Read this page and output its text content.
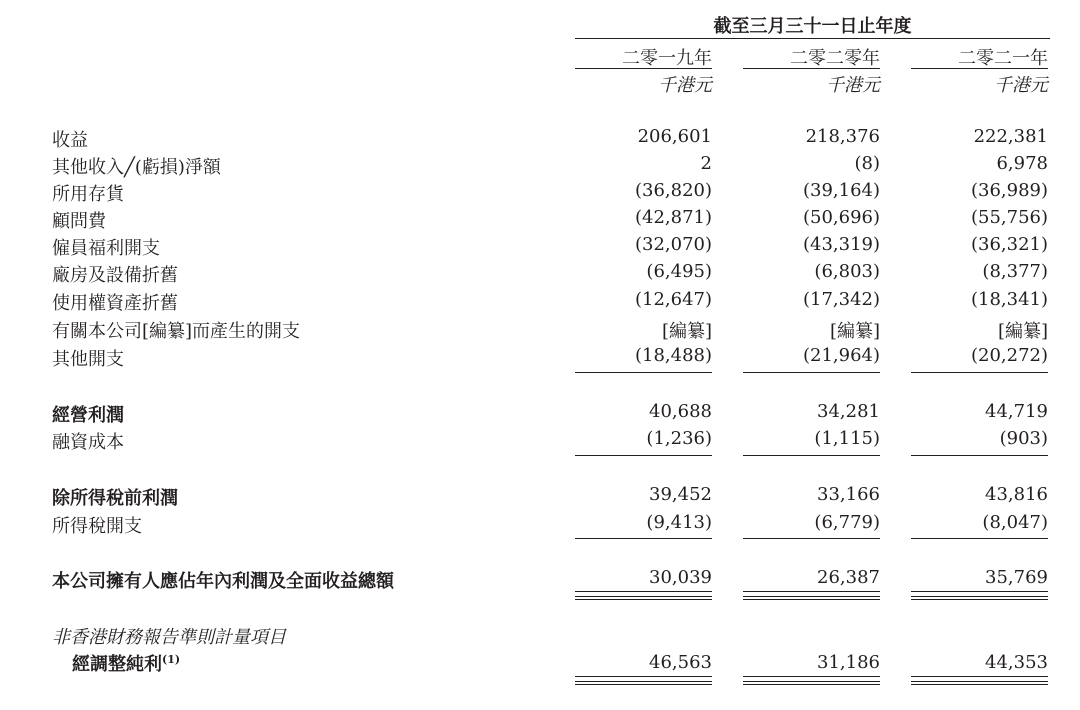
截至三月三十一日止年度
二零一九年	二零二零年	二零二一年
千港元	千港元	千港元
收益	206,601	218,376	222,381
其他收入╱(虧損)淨額	2	(8)	6,978
所用存貨	(36,820)	(39,164)	(36,989)
顧問費	(42,871)	(50,696)	(55,756)
僱員福利開支	(32,070)	(43,319)	(36,321)
廠房及設備折舊	(6,495)	(6,803)	(8,377)
使用權資產折舊	(12,647)	(17,342)	(18,341)
有關本公司[編纂]而產生的開支	[編纂]	[編纂]	[編纂]
其他開支	(18,488)	(21,964)	(20,272)
經營利潤	40,688	34,281	44,719
融資成本	(1,236)	(1,115)	(903)
除所得稅前利潤	39,452	33,166	43,816
所得稅開支	(9,413)	(6,779)	(8,047)
本公司擁有人應佔年內利潤及全面收益總額	30,039	26,387	35,769
非香港財務報告準則計量項目
經調整純利$^{(1)}$	46,563	31,186	44,353
